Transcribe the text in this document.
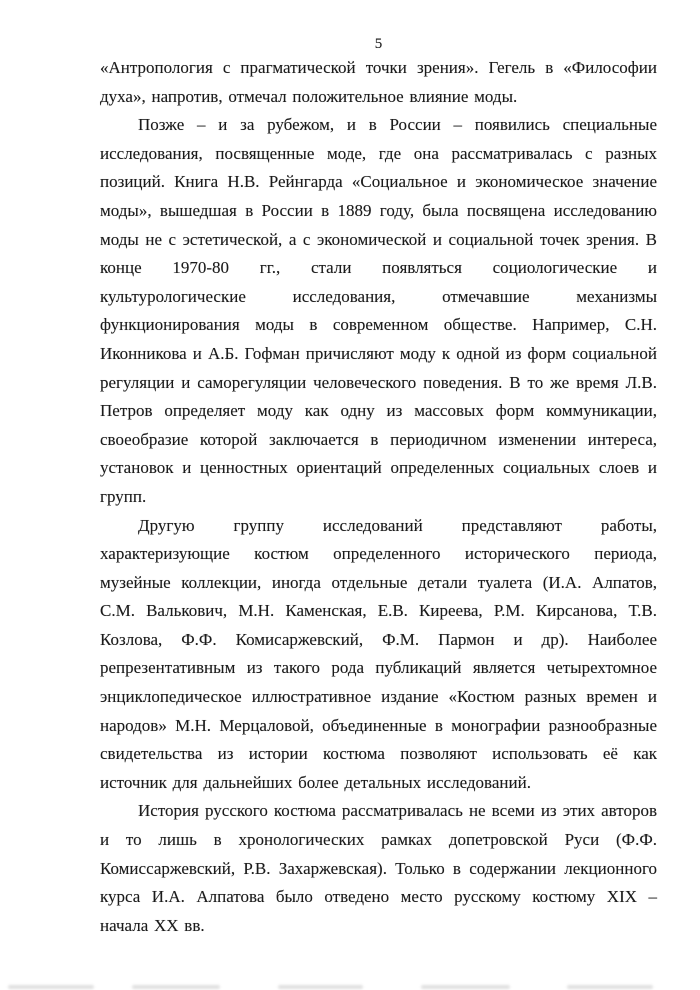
5

«Антропология с прагматической точки зрения». Гегель в «Философии духа», напротив, отмечал положительное влияние моды.

Позже – и за рубежом, и в России – появились специальные исследования, посвященные моде, где она рассматривалась с разных позиций. Книга Н.В. Рейнгарда «Социальное и экономическое значение моды», вышедшая в России в 1889 году, была посвящена исследованию моды не с эстетической, а с экономической и социальной точек зрения. В конце 1970-80 гг., стали появляться социологические и культурологические исследования, отмечавшие механизмы функционирования моды в современном обществе. Например, С.Н. Иконникова и А.Б. Гофман причисляют моду к одной из форм социальной регуляции и саморегуляции человеческого поведения. В то же время Л.В. Петров определяет моду как одну из массовых форм коммуникации, своеобразие которой заключается в периодичном изменении интереса, установок и ценностных ориентаций определенных социальных слоев и групп.

Другую группу исследований представляют работы, характеризующие костюм определенного исторического периода, музейные коллекции, иногда отдельные детали туалета (И.А. Алпатов, С.М. Валькович, М.Н. Каменская, Е.В. Киреева, Р.М. Кирсанова, Т.В. Козлова, Ф.Ф. Комисаржевский, Ф.М. Пармон и др). Наиболее репрезентативным из такого рода публикаций является четырехтомное энциклопедическое иллюстративное издание «Костюм разных времен и народов» М.Н. Мерцаловой, объединенные в монографии разнообразные свидетельства из истории костюма позволяют использовать её как источник для дальнейших более детальных исследований.

История русского костюма рассматривалась не всеми из этих авторов и то лишь в хронологических рамках допетровской Руси (Ф.Ф. Комиссаржевский, Р.В. Захаржевская). Только в содержании лекционного курса И.А. Алпатова было отведено место русскому костюму XIX – начала XX вв.
